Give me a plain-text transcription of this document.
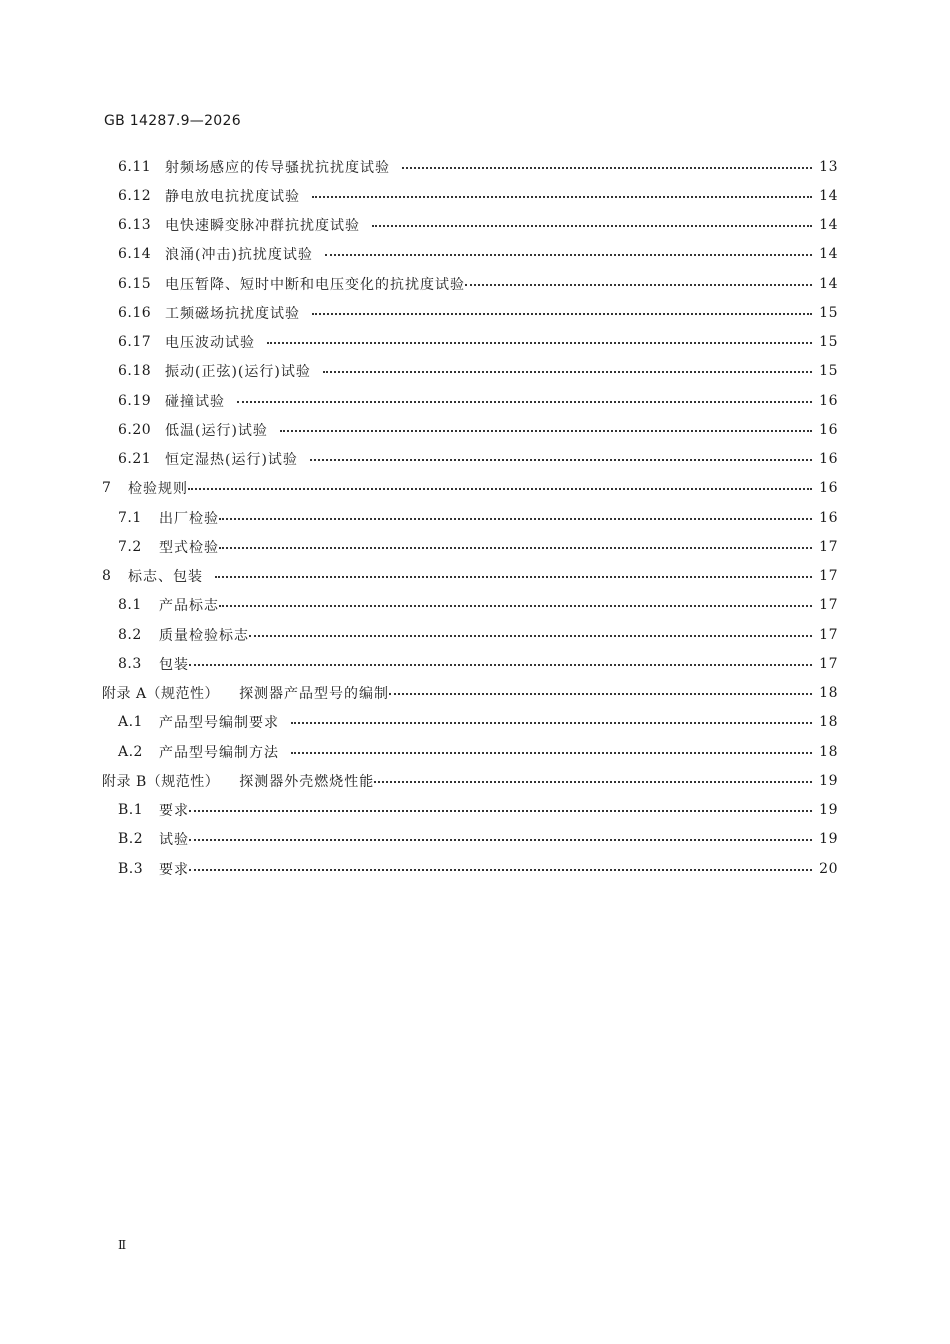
GB 14287.9—2026
6.11 射频场感应的传导骚扰抗扰度试验	13
6.12 静电放电抗扰度试验	14
6.13 电快速瞬变脉冲群抗扰度试验	14
6.14 浪涌(冲击)抗扰度试验	14
6.15 电压暂降、短时中断和电压变化的抗扰度试验	14
6.16 工频磁场抗扰度试验	15
6.17 电压波动试验	15
6.18 振动(正弦)(运行)试验	15
6.19 碰撞试验	16
6.20 低温(运行)试验	16
6.21 恒定湿热(运行)试验	16
7	检验规则	16
7.1	出厂检验	16
7.2	型式检验	17
8	标志、包装	17
8.1	产品标志	17
8.2	质量检验标志	17
8.3	包装	17
附录 A（规范性） 探测器产品型号的编制	18
A.1	产品型号编制要求	18
A.2	产品型号编制方法	18
附录 B（规范性） 探测器外壳燃烧性能	19
B.1	要求	19
B.2	试验	19
B.3	要求	20
Ⅱ
